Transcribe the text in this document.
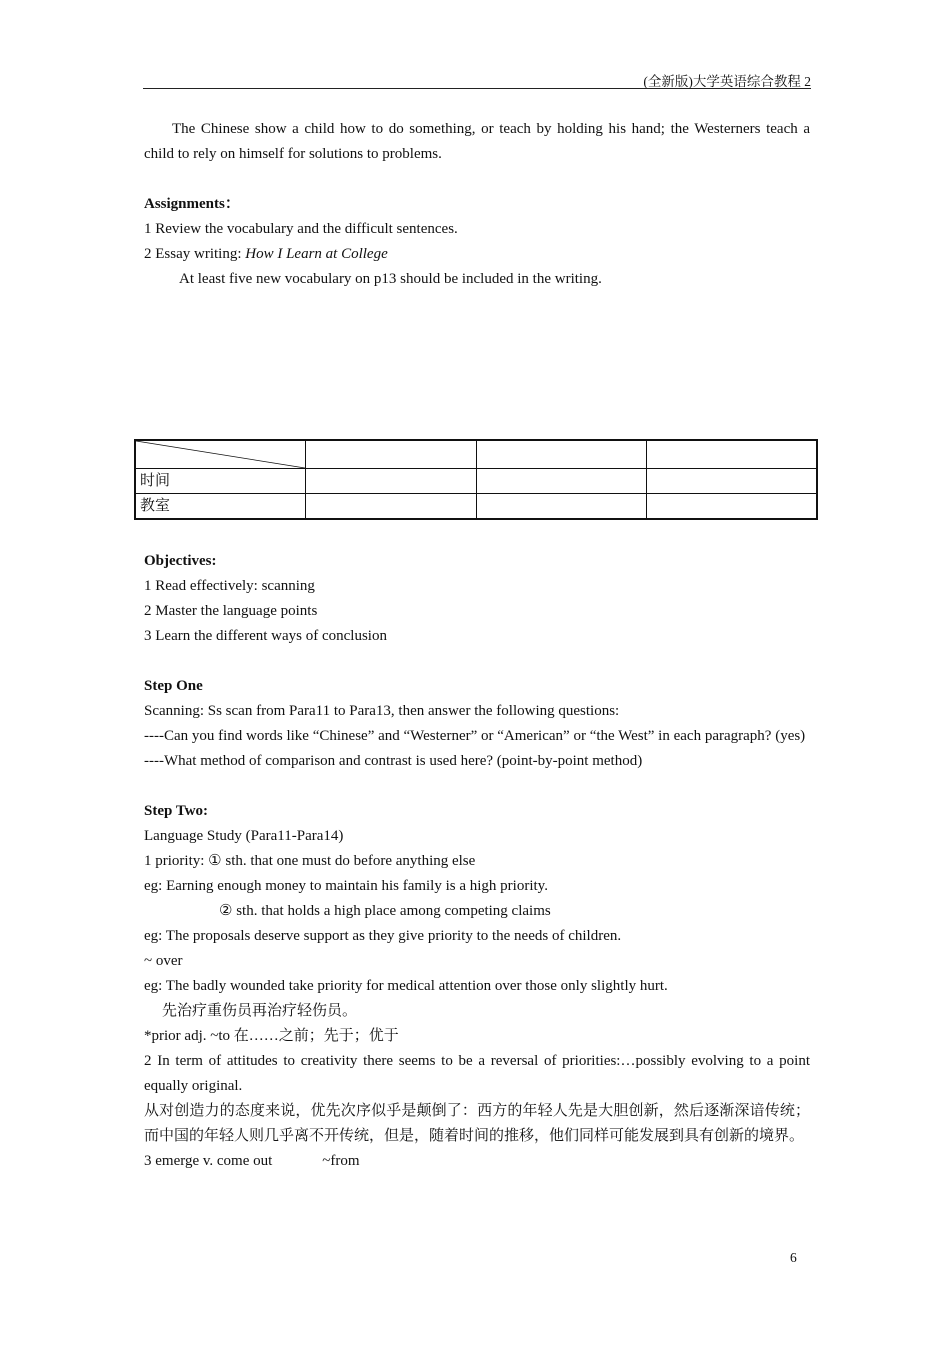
(全新版)大学英语综合教程 2

The Chinese show a child how to do something, or teach by holding his hand; the Westerners teach a child to rely on himself for solutions to problems.

Assignments：

1 Review the vocabulary and the difficult sentences.

2 Essay writing: How I Learn at College

At least five new vocabulary on p13 should be included in the writing.

时间			
教室			

Objectives:

1 Read effectively: scanning

2 Master the language points

3 Learn the different ways of conclusion

Step One

Scanning: Ss scan from Para11 to Para13, then answer the following questions:

----Can you find words like “Chinese” and “Westerner” or “American” or “the West” in each paragraph? (yes)

----What method of comparison and contrast is used here? (point-by-point method)

Step Two:

Language Study (Para11-Para14)

1 priority: ① sth. that one must do before anything else

eg: Earning enough money to maintain his family is a high priority.

② sth. that holds a high place among competing claims

eg: The proposals deserve support as they give priority to the needs of children.

~ over

eg: The badly wounded take priority for medical attention over those only slightly hurt.

先治疗重伤员再治疗轻伤员。

*prior adj. ~to 在……之前；先于；优于

2 In term of attitudes to creativity there seems to be a reversal of priorities:…possibly evolving to a point equally original.

从对创造力的态度来说，优先次序似乎是颠倒了：西方的年轻人先是大胆创新，然后逐渐深谙传统；而中国的年轻人则几乎离不开传统，但是，随着时间的推移，他们同样可能发展到具有创新的境界。

3 emerge v. come out	~from

6
